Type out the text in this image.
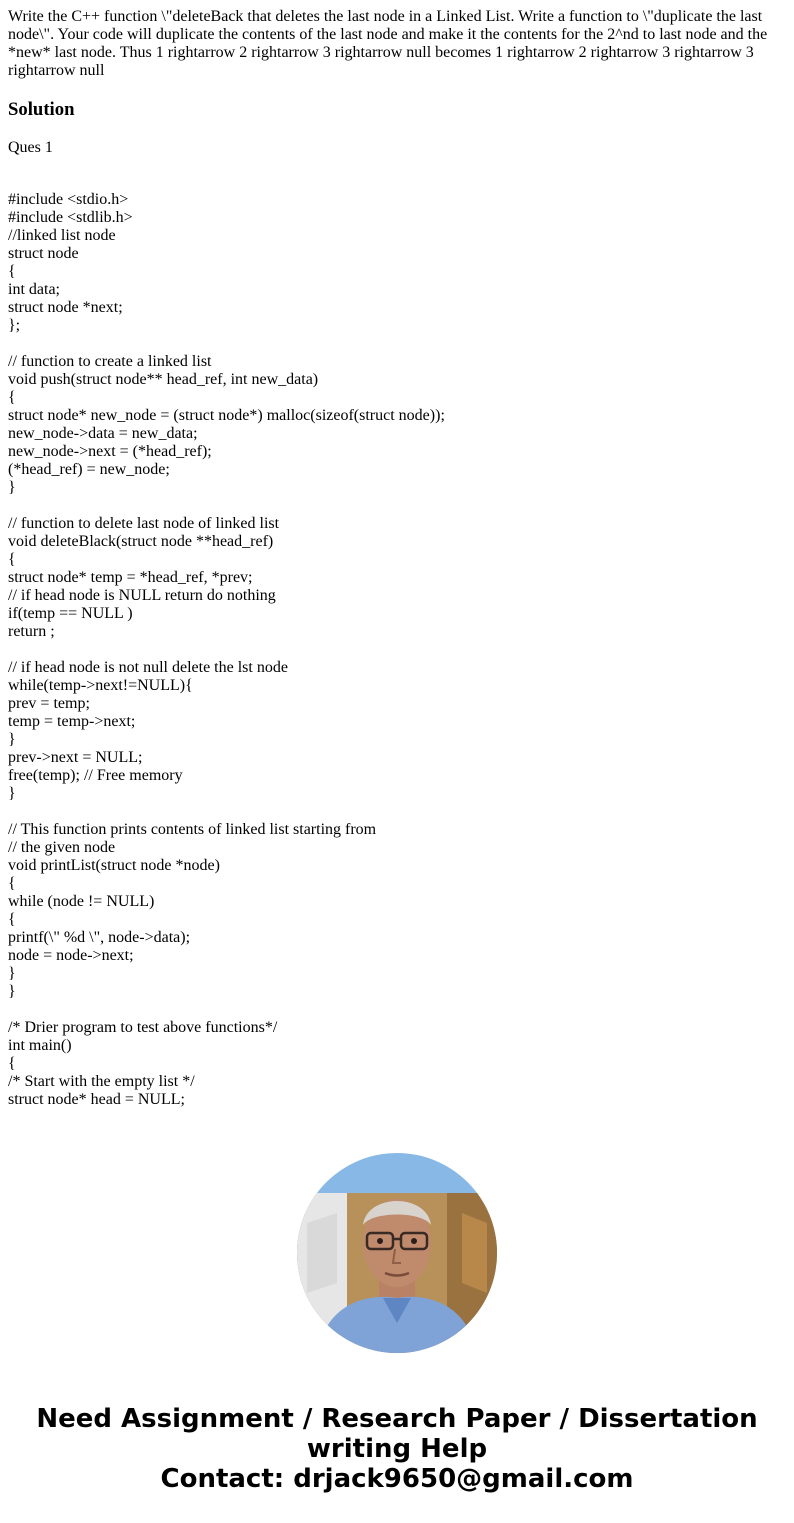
Write the C++ function \"deleteBack that deletes the last node in a Linked List. Write a function to \"duplicate the last node\". Your code will duplicate the contents of the last node and make it the contents for the 2^nd to last node and the *new* last node. Thus 1 rightarrow 2 rightarrow 3 rightarrow null becomes 1 rightarrow 2 rightarrow 3 rightarrow 3 rightarrow null

Solution

Ques 1

#include <stdio.h>
#include <stdlib.h>
//linked list node
struct node
{
int data;
struct node *next;
};
// function to create a linked list
void push(struct node** head_ref, int new_data)
{
struct node* new_node = (struct node*) malloc(sizeof(struct node));
new_node->data = new_data;
new_node->next = (*head_ref);
(*head_ref) = new_node;
}
// function to delete last node of linked list
void deleteBlack(struct node **head_ref)
{
struct node* temp = *head_ref, *prev;
// if head node is NULL return do nothing
if(temp == NULL )
return ;
// if head node is not null delete the lst node
while(temp->next!=NULL){
prev = temp;
temp = temp->next;
}
prev->next = NULL;
free(temp); // Free memory
}
// This function prints contents of linked list starting from
// the given node
void printList(struct node *node)
{
while (node != NULL)
{
printf(\" %d \", node->data);
node = node->next;
}
}
/* Drier program to test above functions*/
int main()
{
/* Start with the empty list */
struct node* head = NULL;
Need Assignment / Research Paper / Dissertation
writing Help
Contact: drjack9650@gmail.com
